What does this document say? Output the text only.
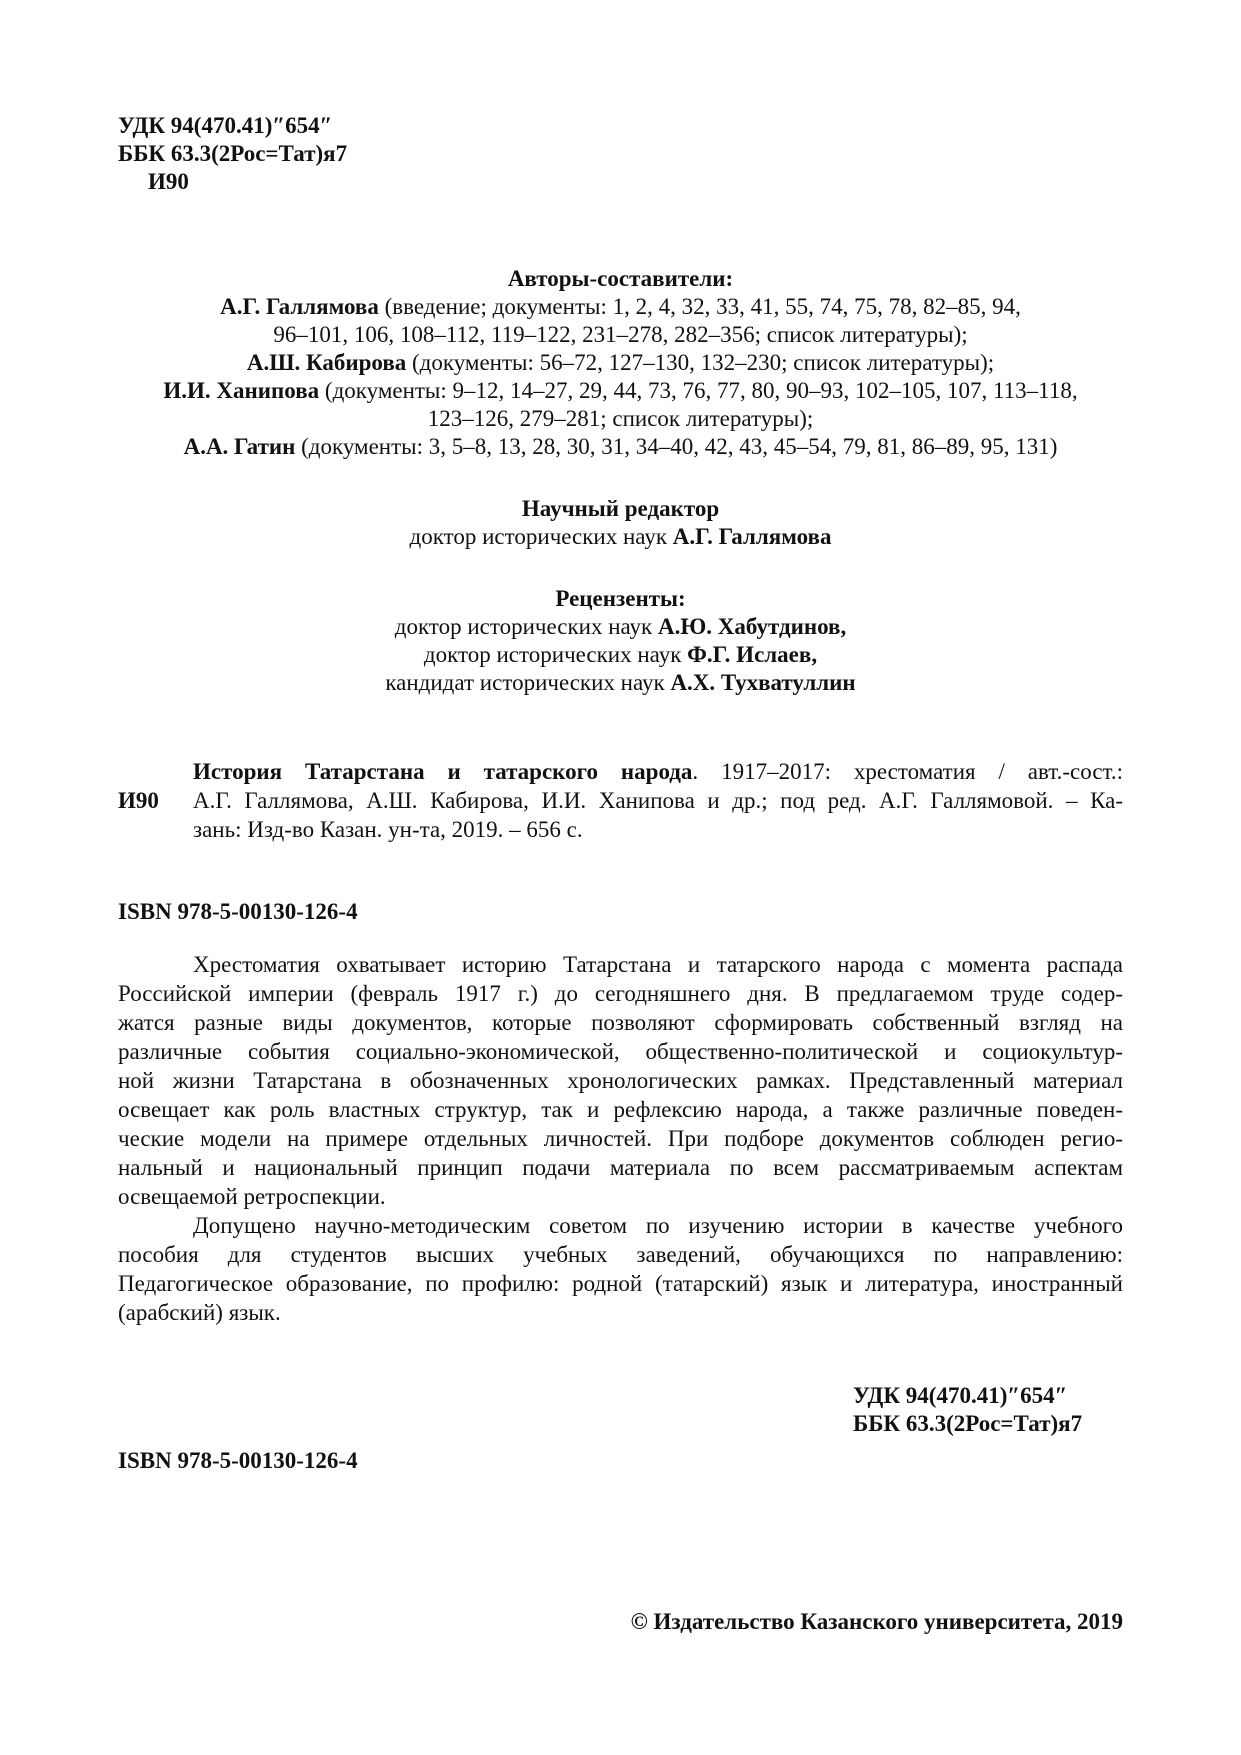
УДК 94(470.41)″654″
ББК 63.3(2Рос=Тат)я7
И90
Авторы-составители:
А.Г. Галлямова (введение; документы: 1, 2, 4, 32, 33, 41, 55, 74, 75, 78, 82–85, 94,
96–101, 106, 108–112, 119–122, 231–278, 282–356; список литературы);
А.Ш. Кабирова (документы: 56–72, 127–130, 132–230; список литературы);
И.И. Ханипова (документы: 9–12, 14–27, 29, 44, 73, 76, 77, 80, 90–93, 102–105, 107, 113–118,
123–126, 279–281; список литературы);
А.А. Гатин (документы: 3, 5–8, 13, 28, 30, 31, 34–40, 42, 43, 45–54, 79, 81, 86–89, 95, 131)
Научный редактор
доктор исторических наук А.Г. Галлямова
Рецензенты:
доктор исторических наук А.Ю. Хабутдинов,
доктор исторических наук Ф.Г. Ислаев,
кандидат исторических наук А.Х. Тухватуллин
И90
История Татарстана и татарского народа. 1917–2017: хрестоматия / авт.-сост.:
А.Г. Галлямова, А.Ш. Кабирова, И.И. Ханипова и др.; под ред. А.Г. Галлямовой. – Ка-
зань: Изд-во Казан. ун-та, 2019. – 656 с.
ISBN 978-5-00130-126-4
Хрестоматия охватывает историю Татарстана и татарского народа с момента распада
Российской империи (февраль 1917 г.) до сегодняшнего дня. В предлагаемом труде содер-
жатся разные виды документов, которые позволяют сформировать собственный взгляд на
различные события социально-экономической, общественно-политической и социокультур-
ной жизни Татарстана в обозначенных хронологических рамках. Представленный материал
освещает как роль властных структур, так и рефлексию народа, а также различные поведен-
ческие модели на примере отдельных личностей. При подборе документов соблюден регио-
нальный и национальный принцип подачи материала по всем рассматриваемым аспектам
освещаемой ретроспекции.
Допущено научно-методическим советом по изучению истории в качестве учебного
пособия для студентов высших учебных заведений, обучающихся по направлению:
Педагогическое образование, по профилю: родной (татарский) язык и литература, иностранный
(арабский) язык.
УДК 94(470.41)″654″
ББК 63.3(2Рос=Тат)я7
ISBN 978-5-00130-126-4
© Издательство Казанского университета, 2019
